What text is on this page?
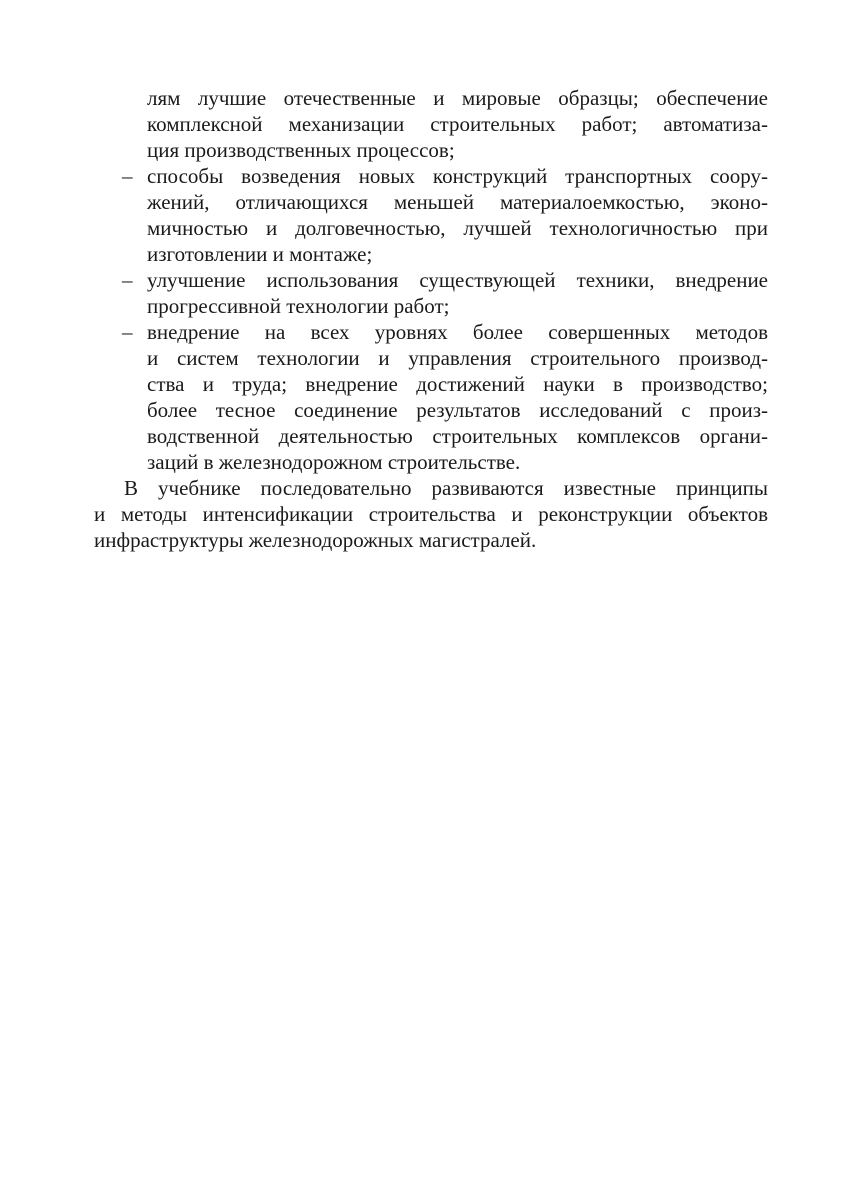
лям лучшие отечественные и мировые образцы; обеспечение
комплексной механизации строительных работ; автоматиза-
ция производственных процессов;
– способы возведения новых конструкций транспортных соору-
жений, отличающихся меньшей материалоемкостью, эконо-
мичностью и долговечностью, лучшей технологичностью при
изготовлении и монтаже;
– улучшение использования существующей техники, внедрение
прогрессивной технологии работ;
– внедрение на всех уровнях более совершенных методов
и систем технологии и управления строительного производ-
ства и труда; внедрение достижений науки в производство;
более тесное соединение результатов исследований с произ-
водственной деятельностью строительных комплексов органи-
заций в железнодорожном строительстве.
В учебнике последовательно развиваются известные принципы
и методы интенсификации строительства и реконструкции объектов
инфраструктуры железнодорожных магистралей.
